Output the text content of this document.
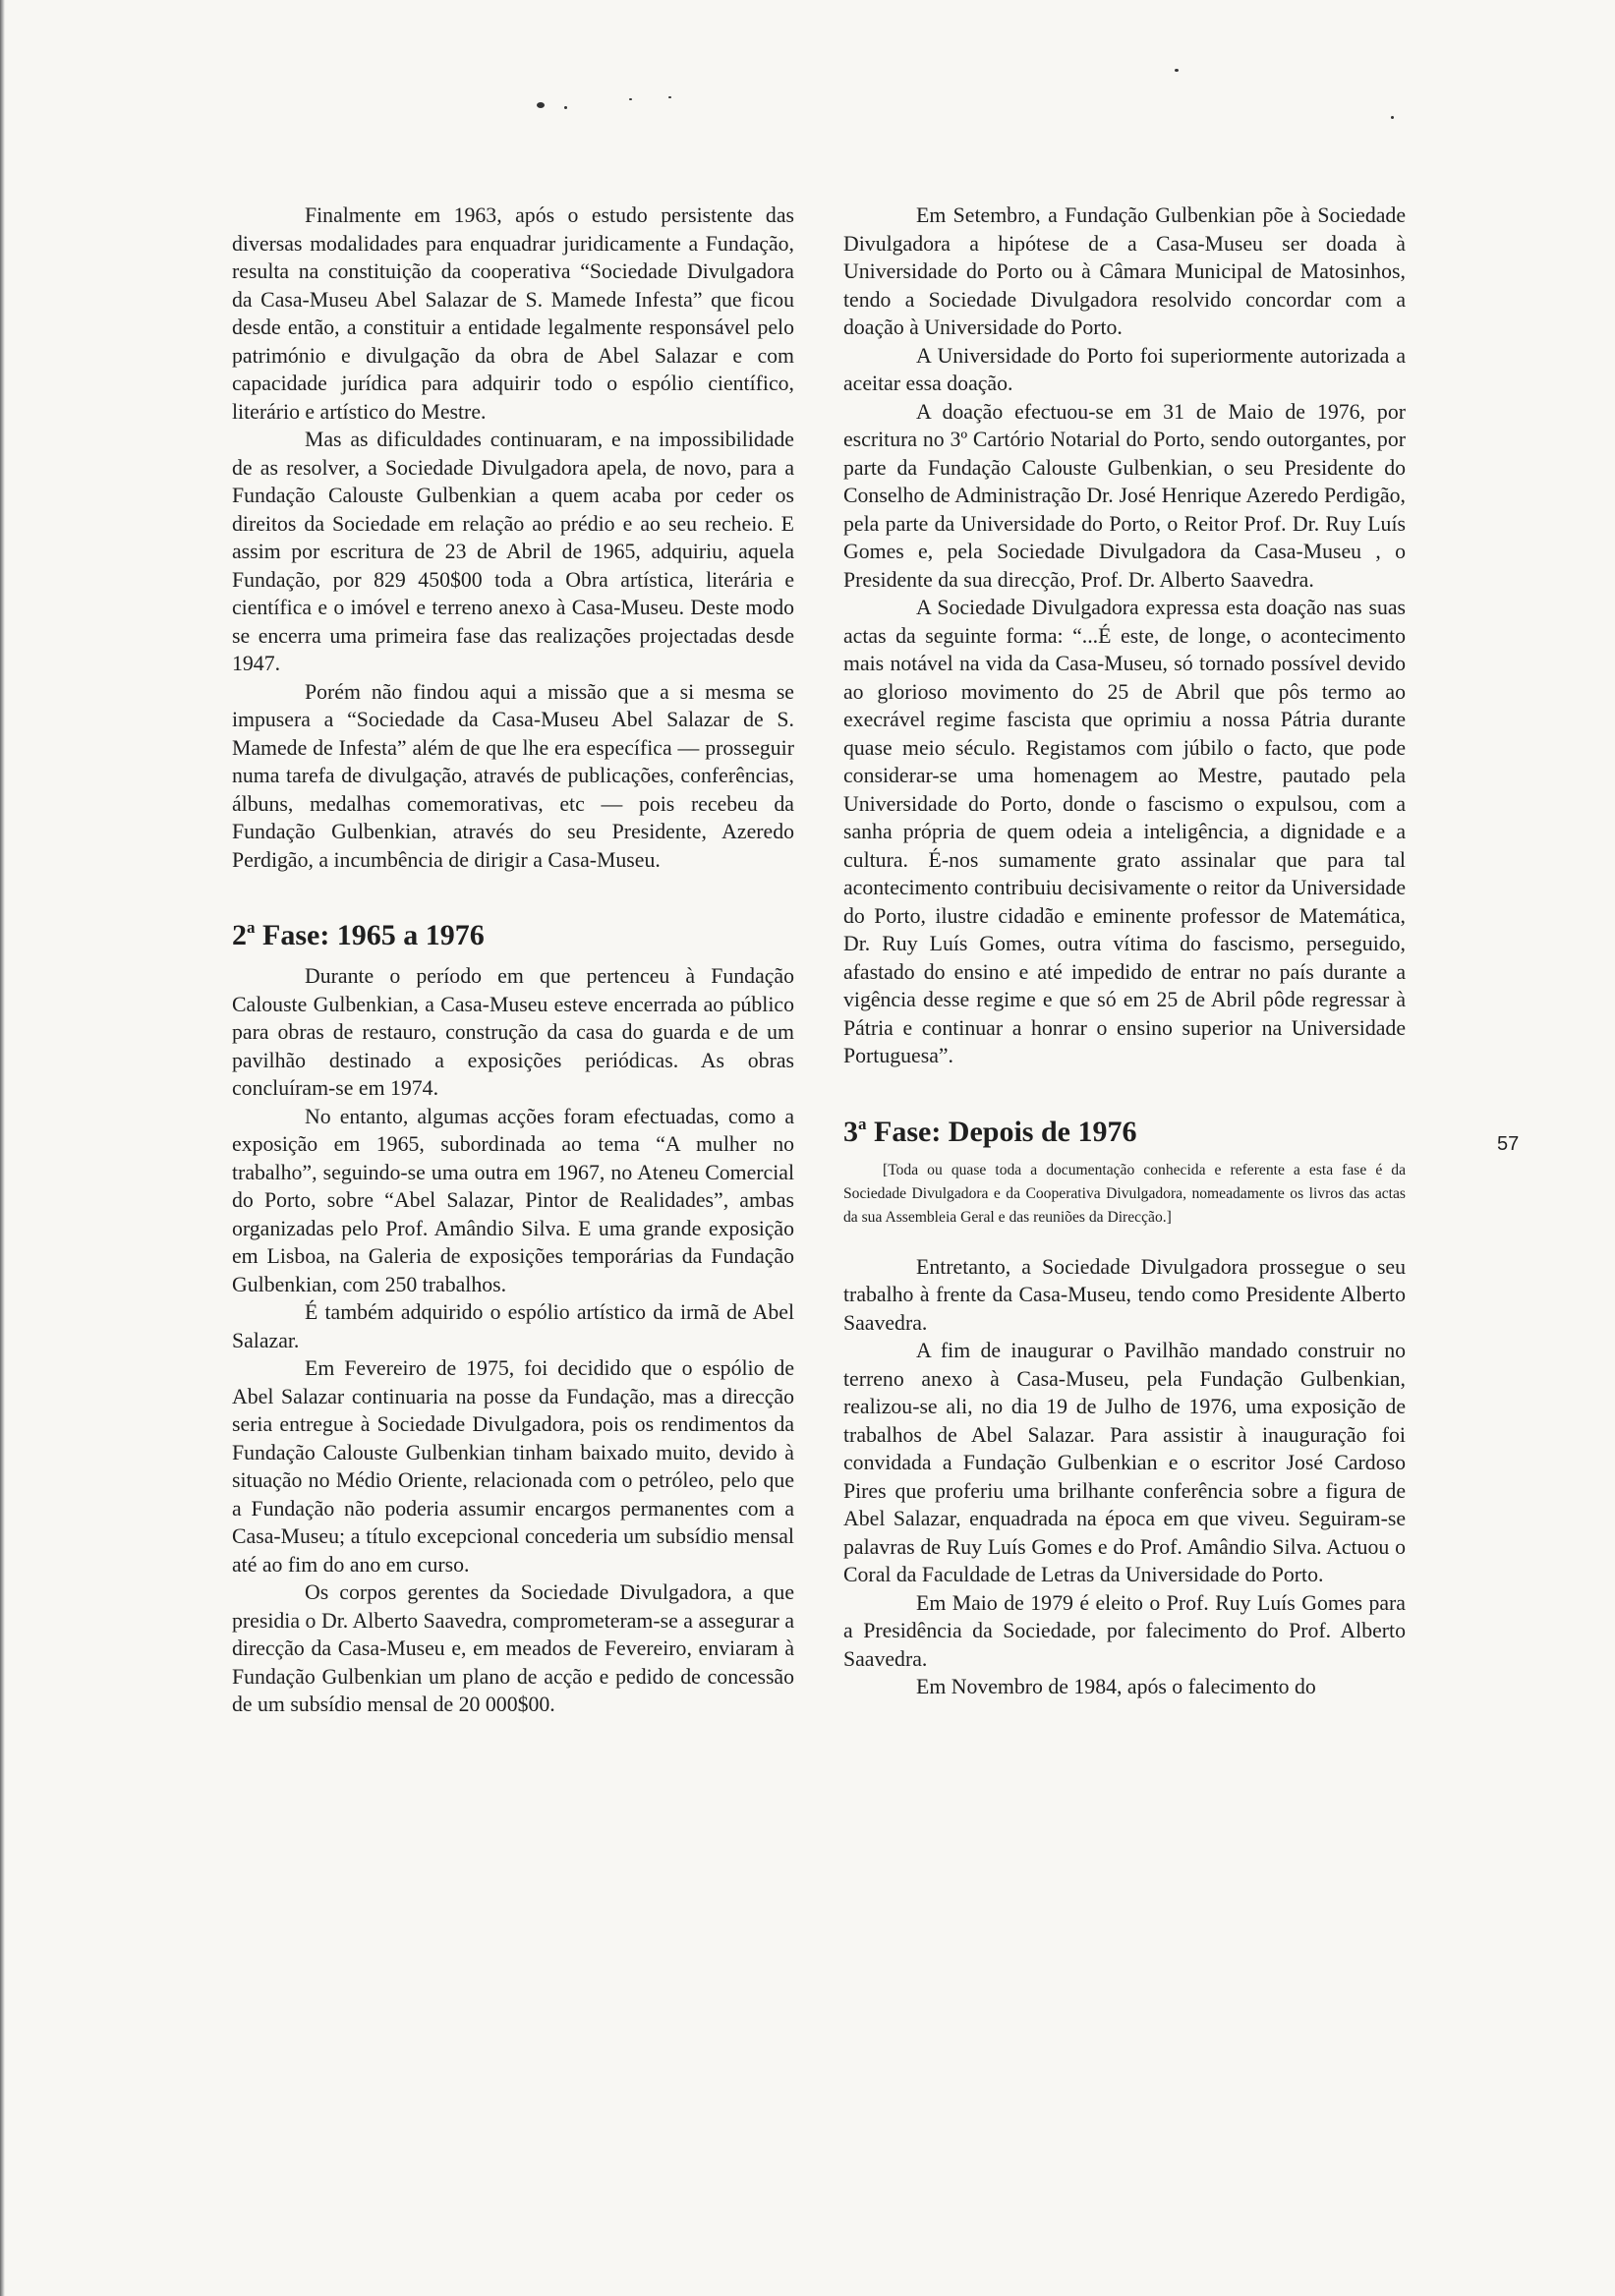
Finalmente em 1963, após o estudo persistente das diversas modalidades para enquadrar juridicamente a Fundação, resulta na constituição da cooperativa “Sociedade Divulgadora da Casa-Museu Abel Salazar de S. Mamede Infesta” que ficou desde então, a constituir a entidade legalmente responsável pelo património e divulgação da obra de Abel Salazar e com capacidade jurídica para adquirir todo o espólio científico, literário e artístico do Mestre.

Mas as dificuldades continuaram, e na impossibilidade de as resolver, a Sociedade Divulgadora apela, de novo, para a Fundação Calouste Gulbenkian a quem acaba por ceder os direitos da Sociedade em relação ao prédio e ao seu recheio. E assim por escritura de 23 de Abril de 1965, adquiriu, aquela Fundação, por 829 450$00 toda a Obra artística, literária e científica e o imóvel e terreno anexo à Casa-Museu. Deste modo se encerra uma primeira fase das realizações projectadas desde 1947.

Porém não findou aqui a missão que a si mesma se impusera a “Sociedade da Casa-Museu Abel Salazar de S. Mamede de Infesta” além de que lhe era específica — prosseguir numa tarefa de divulgação, através de publicações, conferências, álbuns, medalhas comemorativas, etc — pois recebeu da Fundação Gulbenkian, através do seu Presidente, Azeredo Perdigão, a incumbência de dirigir a Casa-Museu.

2$^a$ Fase: 1965 a 1976

Durante o período em que pertenceu à Fundação Calouste Gulbenkian, a Casa-Museu esteve encerrada ao público para obras de restauro, construção da casa do guarda e de um pavilhão destinado a exposições periódicas. As obras concluíram-se em 1974.

No entanto, algumas acções foram efectuadas, como a exposição em 1965, subordinada ao tema “A mulher no trabalho”, seguindo-se uma outra em 1967, no Ateneu Comercial do Porto, sobre “Abel Salazar, Pintor de Realidades”, ambas organizadas pelo Prof. Amândio Silva. E uma grande exposição em Lisboa, na Galeria de exposições temporárias da Fundação Gulbenkian, com 250 trabalhos.

É também adquirido o espólio artístico da irmã de Abel Salazar.

Em Fevereiro de 1975, foi decidido que o espólio de Abel Salazar continuaria na posse da Fundação, mas a direcção seria entregue à Sociedade Divulgadora, pois os rendimentos da Fundação Calouste Gulbenkian tinham baixado muito, devido à situação no Médio Oriente, relacionada com o petróleo, pelo que a Fundação não poderia assumir encargos permanentes com a Casa-Museu; a título excepcional concederia um subsídio mensal até ao fim do ano em curso.

Os corpos gerentes da Sociedade Divulgadora, a que presidia o Dr. Alberto Saavedra, comprometeram-se a assegurar a direcção da Casa-Museu e, em meados de Fevereiro, enviaram à Fundação Gulbenkian um plano de acção e pedido de concessão de um subsídio mensal de 20 000$00.

Em Setembro, a Fundação Gulbenkian põe à Sociedade Divulgadora a hipótese de a Casa-Museu ser doada à Universidade do Porto ou à Câmara Municipal de Matosinhos, tendo a Sociedade Divulgadora resolvido concordar com a doação à Universidade do Porto.

A Universidade do Porto foi superiormente autorizada a aceitar essa doação.

A doação efectuou-se em 31 de Maio de 1976, por escritura no 3º Cartório Notarial do Porto, sendo outorgantes, por parte da Fundação Calouste Gulbenkian, o seu Presidente do Conselho de Administração Dr. José Henrique Azeredo Perdigão, pela parte da Universidade do Porto, o Reitor Prof. Dr. Ruy Luís Gomes e, pela Sociedade Divulgadora da Casa-Museu , o Presidente da sua direcção, Prof. Dr. Alberto Saavedra.

A Sociedade Divulgadora expressa esta doação nas suas actas da seguinte forma: “...É este, de longe, o acontecimento mais notável na vida da Casa-Museu, só tornado possível devido ao glorioso movimento do 25 de Abril que pôs termo ao execrável regime fascista que oprimiu a nossa Pátria durante quase meio século. Registamos com júbilo o facto, que pode considerar-se uma homenagem ao Mestre, pautado pela Universidade do Porto, donde o fascismo o expulsou, com a sanha própria de quem odeia a inteligência, a dignidade e a cultura. É-nos sumamente grato assinalar que para tal acontecimento contribuiu decisivamente o reitor da Universidade do Porto, ilustre cidadão e eminente professor de Matemática, Dr. Ruy Luís Gomes, outra vítima do fascismo, perseguido, afastado do ensino e até impedido de entrar no país durante a vigência desse regime e que só em 25 de Abril pôde regressar à Pátria e continuar a honrar o ensino superior na Universidade Portuguesa”.

3$^a$ Fase: Depois de 1976

[Toda ou quase toda a documentação conhecida e referente a esta fase é da Sociedade Divulgadora e da Cooperativa Divulgadora, nomeadamente os livros das actas da sua Assembleia Geral e das reuniões da Direcção.]

Entretanto, a Sociedade Divulgadora prossegue o seu trabalho à frente da Casa-Museu, tendo como Presidente Alberto Saavedra.

A fim de inaugurar o Pavilhão mandado construir no terreno anexo à Casa-Museu, pela Fundação Gulbenkian, realizou-se ali, no dia 19 de Julho de 1976, uma exposição de trabalhos de Abel Salazar. Para assistir à inauguração foi convidada a Fundação Gulbenkian e o escritor José Cardoso Pires que proferiu uma brilhante conferência sobre a figura de Abel Salazar, enquadrada na época em que viveu. Seguiram-se palavras de Ruy Luís Gomes e do Prof. Amândio Silva. Actuou o Coral da Faculdade de Letras da Universidade do Porto.

Em Maio de 1979 é eleito o Prof. Ruy Luís Gomes para a Presidência da Sociedade, por falecimento do Prof. Alberto Saavedra.

Em Novembro de 1984, após o falecimento do

57
